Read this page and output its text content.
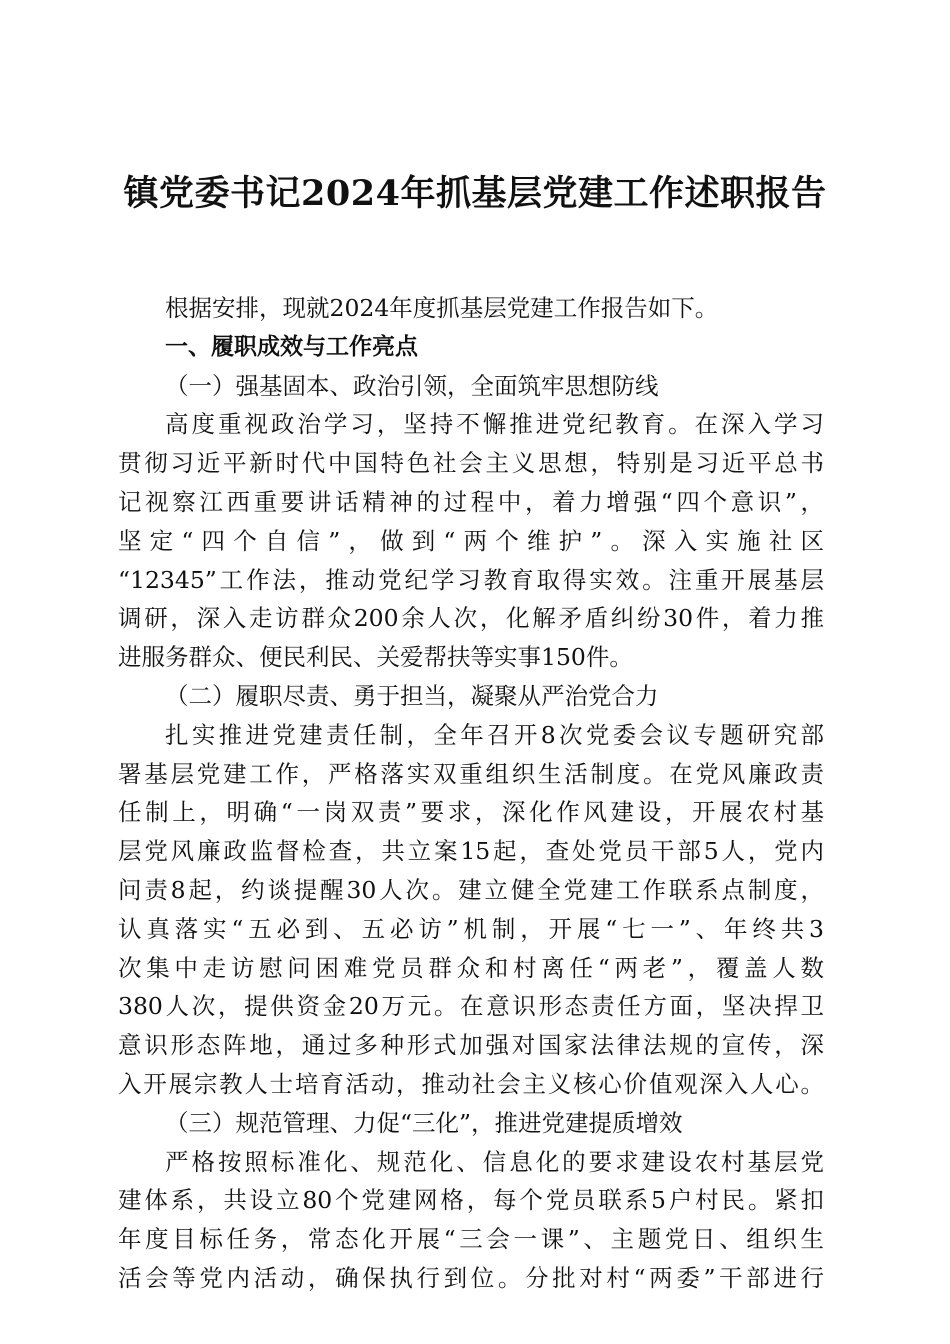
镇党委书记2024年抓基层党建工作述职报告
根据安排，现就2024年度抓基层党建工作报告如下。
一、履职成效与工作亮点
（一）强基固本、政治引领，全面筑牢思想防线
高度重视政治学习，坚持不懈推进党纪教育。在深入学习
贯彻习近平新时代中国特色社会主义思想，特别是习近平总书
记视察江西重要讲话精神的过程中，着力增强“四个意识”，
坚定“四个自信”，做到“两个维护”。深入实施社区
“12345”工作法，推动党纪学习教育取得实效。注重开展基层
调研，深入走访群众200余人次，化解矛盾纠纷30件，着力推
进服务群众、便民利民、关爱帮扶等实事150件。
（二）履职尽责、勇于担当，凝聚从严治党合力
扎实推进党建责任制，全年召开8次党委会议专题研究部
署基层党建工作，严格落实双重组织生活制度。在党风廉政责
任制上，明确“一岗双责”要求，深化作风建设，开展农村基
层党风廉政监督检查，共立案15起，查处党员干部5人，党内
问责8起，约谈提醒30人次。建立健全党建工作联系点制度，
认真落实“五必到、五必访”机制，开展“七一”、年终共3
次集中走访慰问困难党员群众和村离任“两老”，覆盖人数
380人次，提供资金20万元。在意识形态责任方面，坚决捍卫
意识形态阵地，通过多种形式加强对国家法律法规的宣传，深
入开展宗教人士培育活动，推动社会主义核心价值观深入人心。
（三）规范管理、力促“三化”，推进党建提质增效
严格按照标准化、规范化、信息化的要求建设农村基层党
建体系，共设立80个党建网格，每个党员联系5户村民。紧扣
年度目标任务，常态化开展“三会一课”、主题党日、组织生
活会等党内活动，确保执行到位。分批对村“两委”干部进行
